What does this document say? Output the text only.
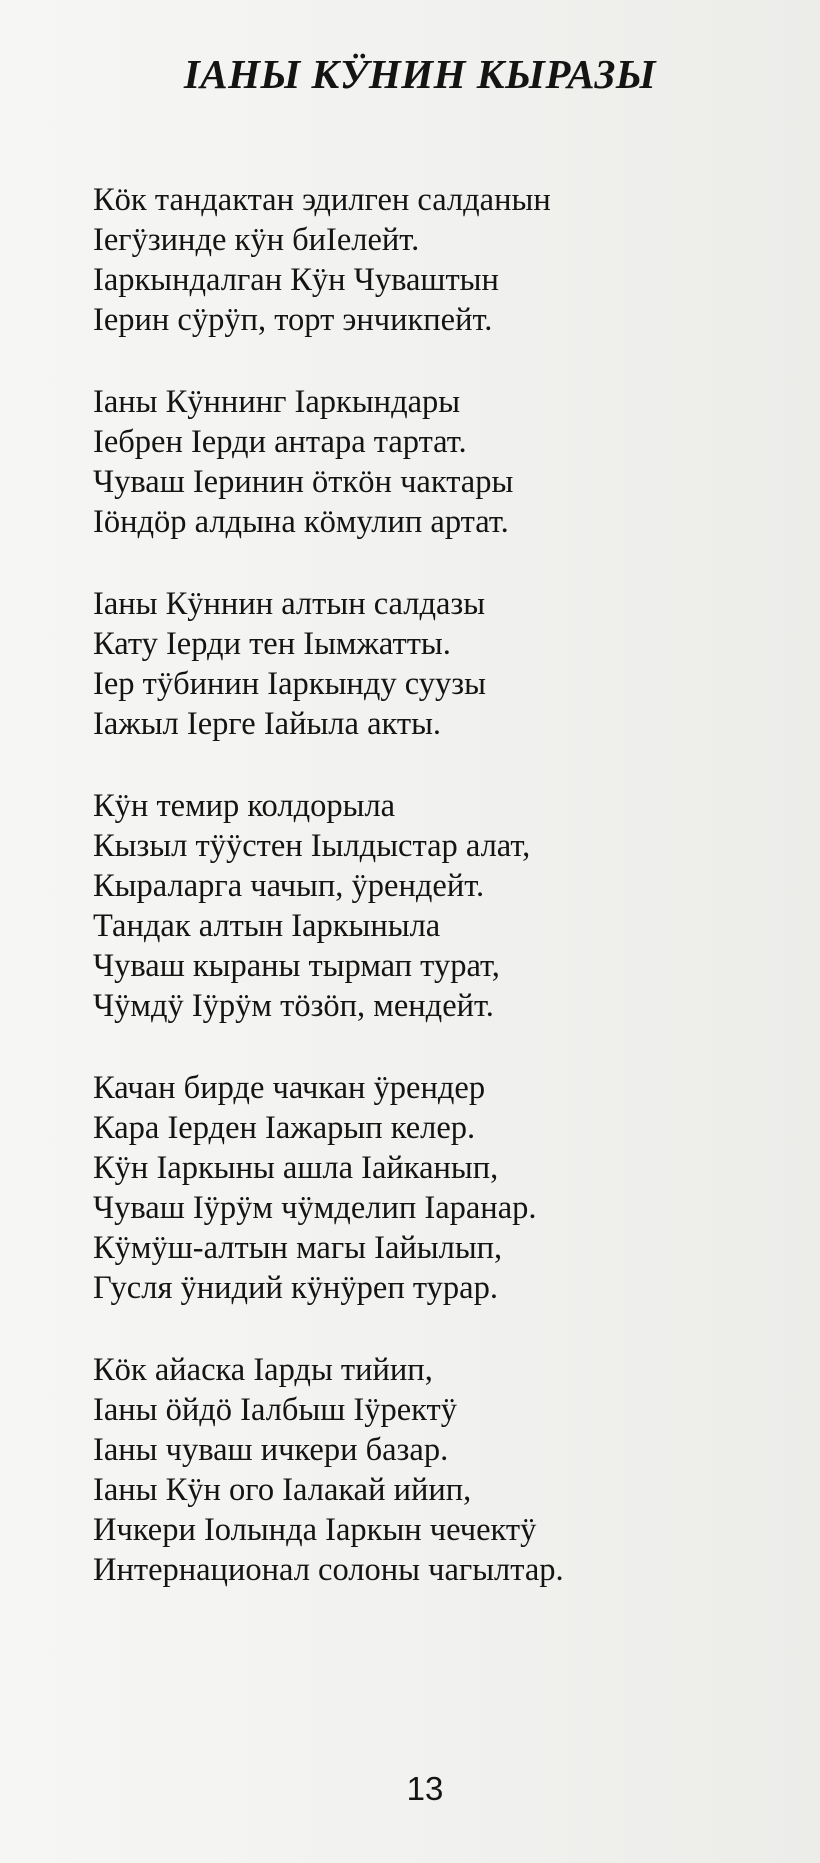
ІАНЫ КӰНИН КЫРАЗЫ
Кӧк тандактан эдилген салданын
Іегӱзинде кӱн биІелейт.
Іаркындалган Кӱн Чуваштын
Іерин сӱрӱп, торт энчикпейт.
Іаны Кӱннинг Іаркындары
Іебрен Іерди антара тартат.
Чуваш Іеринин ӧткӧн чактары
Іӧндӧр алдына кӧмулип артат.
Іаны Кӱннин алтын салдазы
Кату Іерди тен Іымжатты.
Іер тӱбинин Іаркынду суузы
Іажыл Іерге Іайыла акты.
Кӱн темир колдорыла
Кызыл тӱӱстен Іылдыстар алат,
Кыраларга чачып, ӱрендейт.
Тандак алтын Іаркыныла
Чуваш кыраны тырмап турат,
Чӱмдӱ Іӱрӱм тӧзӧп, мендейт.
Качан бирде чачкан ӱрендер
Кара Іерден Іажарып келер.
Кӱн Іаркыны ашла Іайканып,
Чуваш Іӱрӱм чӱмделип Іаранар.
Кӱмӱш-алтын магы Іайылып,
Гусля ӱнидий кӱнӱреп турар.
Кӧк айаска Іарды тийип,
Іаны ӧйдӧ Іалбыш Іӱректӱ
Іаны чуваш ичкери базар.
Іаны Кӱн ого Іалакай ийип,
Ичкери Іолында Іаркын чечектӱ
Интернационал солоны чагылтар.
13
